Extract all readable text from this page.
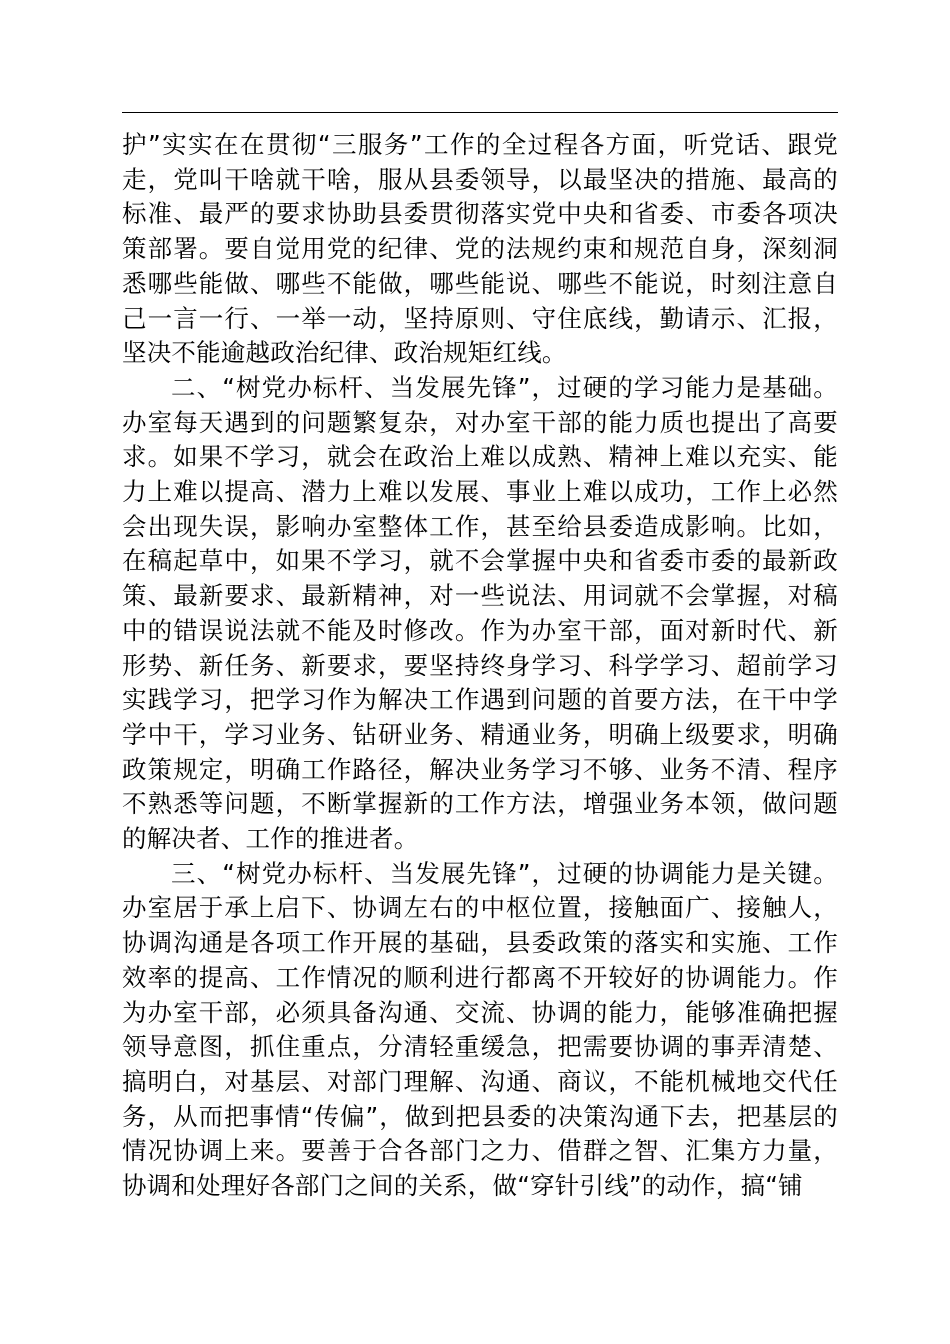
护”实实在在贯彻“三服务”工作的全过程各方面，听党话、跟党走，党叫干啥就干啥，服从县委领导，以最坚决的措施、最高的标准、最严的要求协助县委贯彻落实党中央和省委、市委各项决策部署。要自觉用党的纪律、党的法规约束和规范自身，深刻洞悉哪些能做、哪些不能做，哪些能说、哪些不能说，时刻注意自己一言一行、一举一动，坚持原则、守住底线，勤请示、汇报，坚决不能逾越政治纪律、政治规矩红线。

二、“树党办标杆、当发展先锋”，过硬的学习能力是基础。办室每天遇到的问题繁复杂，对办室干部的能力质也提出了高要求。如果不学习，就会在政治上难以成熟、精神上难以充实、能力上难以提高、潜力上难以发展、事业上难以成功，工作上必然会出现失误，影响办室整体工作，甚至给县委造成影响。比如，在稿起草中，如果不学习，就不会掌握中央和省委市委的最新政策、最新要求、最新精神，对一些说法、用词就不会掌握，对稿中的错误说法就不能及时修改。作为办室干部，面对新时代、新形势、新任务、新要求，要坚持终身学习、科学学习、超前学习实践学习，把学习作为解决工作遇到问题的首要方法，在干中学学中干，学习业务、钻研业务、精通业务，明确上级要求，明确政策规定，明确工作路径，解决业务学习不够、业务不清、程序不熟悉等问题，不断掌握新的工作方法，增强业务本领，做问题的解决者、工作的推进者。

三、“树党办标杆、当发展先锋”，过硬的协调能力是关键。办室居于承上启下、协调左右的中枢位置，接触面广、接触人，协调沟通是各项工作开展的基础，县委政策的落实和实施、工作效率的提高、工作情况的顺利进行都离不开较好的协调能力。作为办室干部，必须具备沟通、交流、协调的能力，能够准确把握领导意图，抓住重点，分清轻重缓急，把需要协调的事弄清楚、搞明白，对基层、对部门理解、沟通、商议，不能机械地交代任务，从而把事情“传偏”，做到把县委的决策沟通下去，把基层的情况协调上来。要善于合各部门之力、借群之智、汇集方力量，协调和处理好各部门之间的关系，做“穿针引线”的动作，搞“铺
